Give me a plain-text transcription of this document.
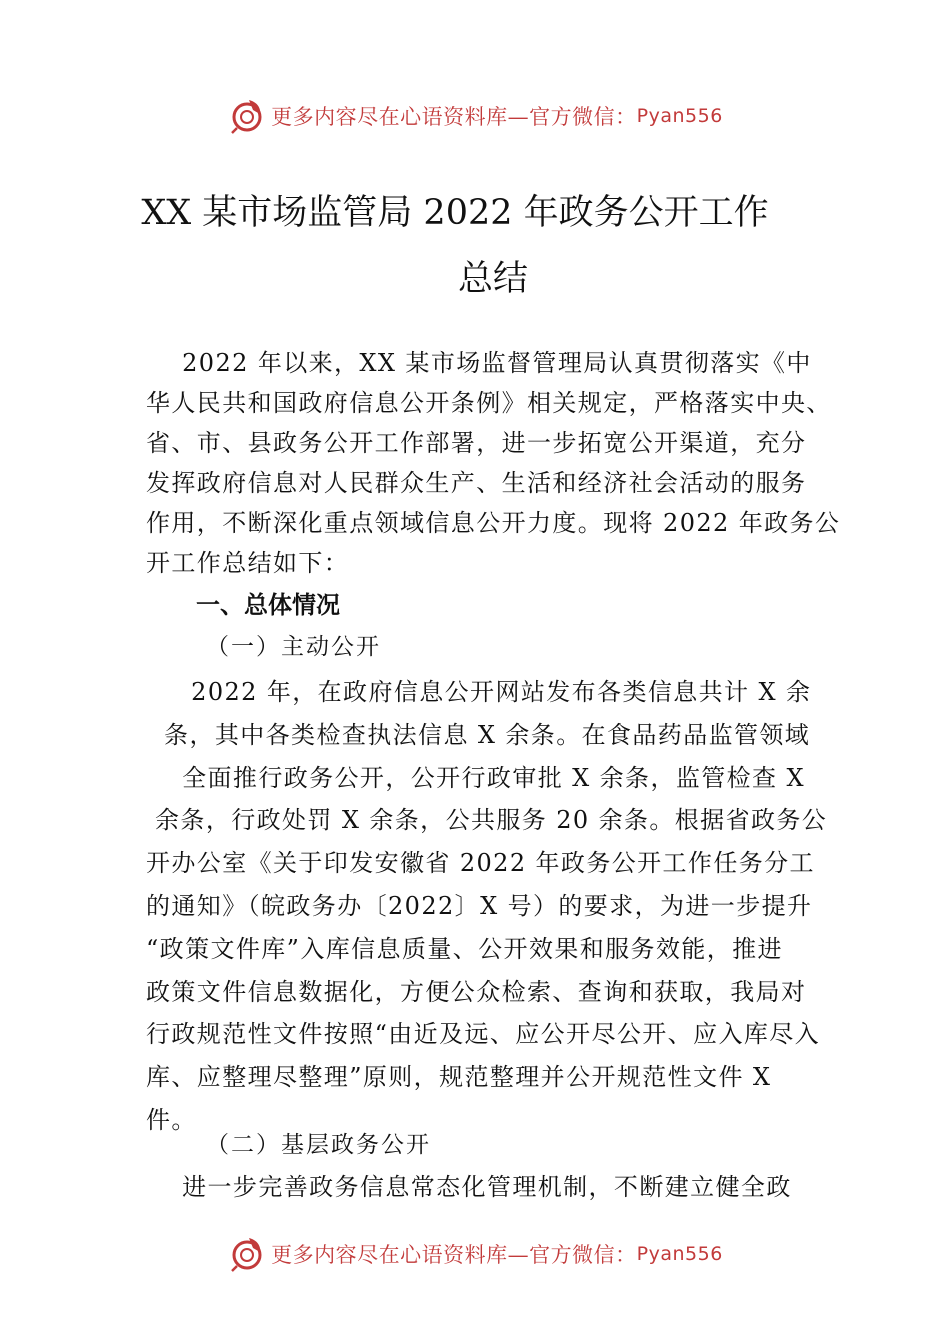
更多内容尽在心语资料库—官方微信： Pyan556
XX 某市场监管局 2022 年政务公开工作
总结
2022 年以来，XX 某市场监督管理局认真贯彻落实《中
华人民共和国政府信息公开条例》相关规定，严格落实中央、
省、市、县政务公开工作部署，进一步拓宽公开渠道，充分
发挥政府信息对人民群众生产、生活和经济社会活动的服务
作用，不断深化重点领域信息公开力度。现将 2022 年政务公
开工作总结如下：
一、总体情况
（一）主动公开
2022 年，在政府信息公开网站发布各类信息共计 X 余
条，其中各类检查执法信息 X 余条。在食品药品监管领域
全面推行政务公开，公开行政审批 X 余条，监管检查 X
余条，行政处罚 X 余条，公共服务 20 余条。根据省政务公
开办公室《关于印发安徽省 2022 年政务公开工作任务分工
的通知》（皖政务办〔2022〕X 号）的要求，为进一步提升
“政策文件库”入库信息质量、公开效果和服务效能，推进
政策文件信息数据化，方便公众检索、查询和获取，我局对
行政规范性文件按照“由近及远、应公开尽公开、应入库尽入
库、应整理尽整理”原则，规范整理并公开规范性文件 X
件。
（二）基层政务公开
进一步完善政务信息常态化管理机制，不断建立健全政
更多内容尽在心语资料库—官方微信： Pyan556
